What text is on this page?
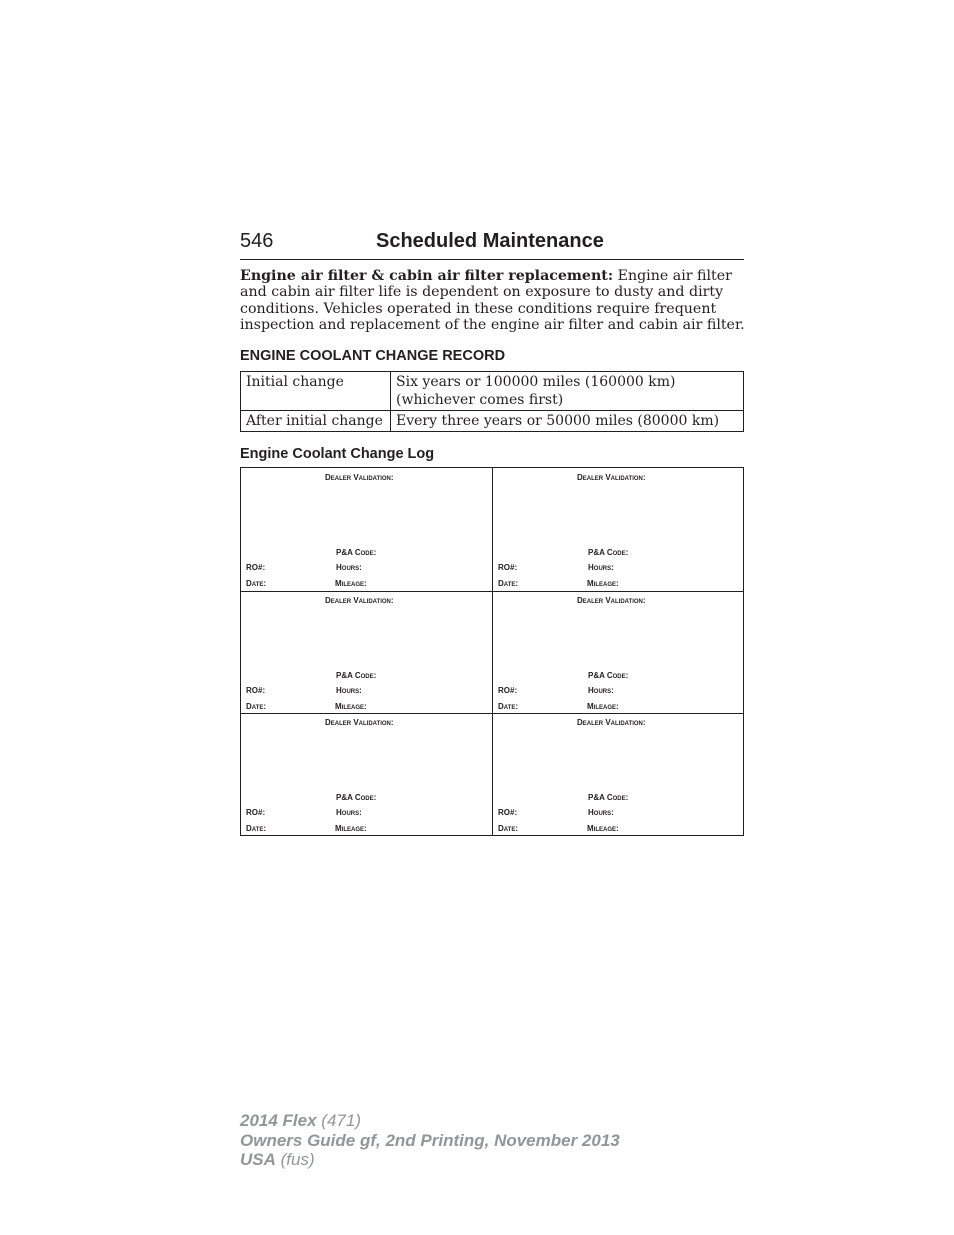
546	Scheduled Maintenance
Engine air filter & cabin air filter replacement: Engine air filter and cabin air filter life is dependent on exposure to dusty and dirty conditions. Vehicles operated in these conditions require frequent inspection and replacement of the engine air filter and cabin air filter.
ENGINE COOLANT CHANGE RECORD
Initial change	Six years or 100000 miles (160000 km) (whichever comes first)
After initial change	Every three years or 50000 miles (80000 km)
Engine Coolant Change Log
Dealer Validation:
P&A Code:
RO#:	Hours:
Date:	Mileage:
Dealer Validation:
P&A Code:
RO#:	Hours:
Date:	Mileage:
Dealer Validation:
P&A Code:
RO#:	Hours:
Date:	Mileage:
Dealer Validation:
P&A Code:
RO#:	Hours:
Date:	Mileage:
Dealer Validation:
P&A Code:
RO#:	Hours:
Date:	Mileage:
Dealer Validation:
P&A Code:
RO#:	Hours:
Date:	Mileage:
2014 Flex (471)
Owners Guide gf, 2nd Printing, November 2013
USA (fus)
